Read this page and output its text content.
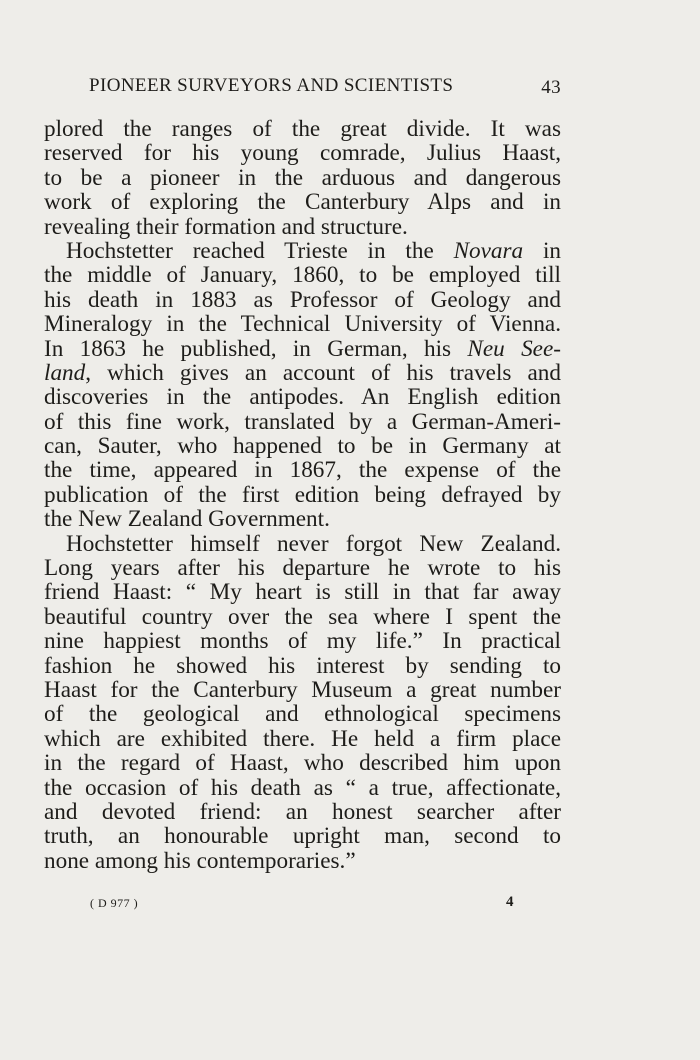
PIONEER SURVEYORS AND SCIENTISTS	43
plored the ranges of the great divide. It was
reserved for his young comrade, Julius Haast,
to be a pioneer in the arduous and dangerous
work of exploring the Canterbury Alps and in
revealing their formation and structure.
Hochstetter reached Trieste in the Novara in
the middle of January, 1860, to be employed till
his death in 1883 as Professor of Geology and
Mineralogy in the Technical University of Vienna.
In 1863 he published, in German, his Neu See-
land, which gives an account of his travels and
discoveries in the antipodes. An English edition
of this fine work, translated by a German-Ameri-
can, Sauter, who happened to be in Germany at
the time, appeared in 1867, the expense of the
publication of the first edition being defrayed by
the New Zealand Government.
Hochstetter himself never forgot New Zealand.
Long years after his departure he wrote to his
friend Haast: “ My heart is still in that far away
beautiful country over the sea where I spent the
nine happiest months of my life.” In practical
fashion he showed his interest by sending to
Haast for the Canterbury Museum a great number
of the geological and ethnological specimens
which are exhibited there. He held a firm place
in the regard of Haast, who described him upon
the occasion of his death as “ a true, affectionate,
and devoted friend: an honest searcher after
truth, an honourable upright man, second to
none among his contemporaries.”
( D 977 )	4
